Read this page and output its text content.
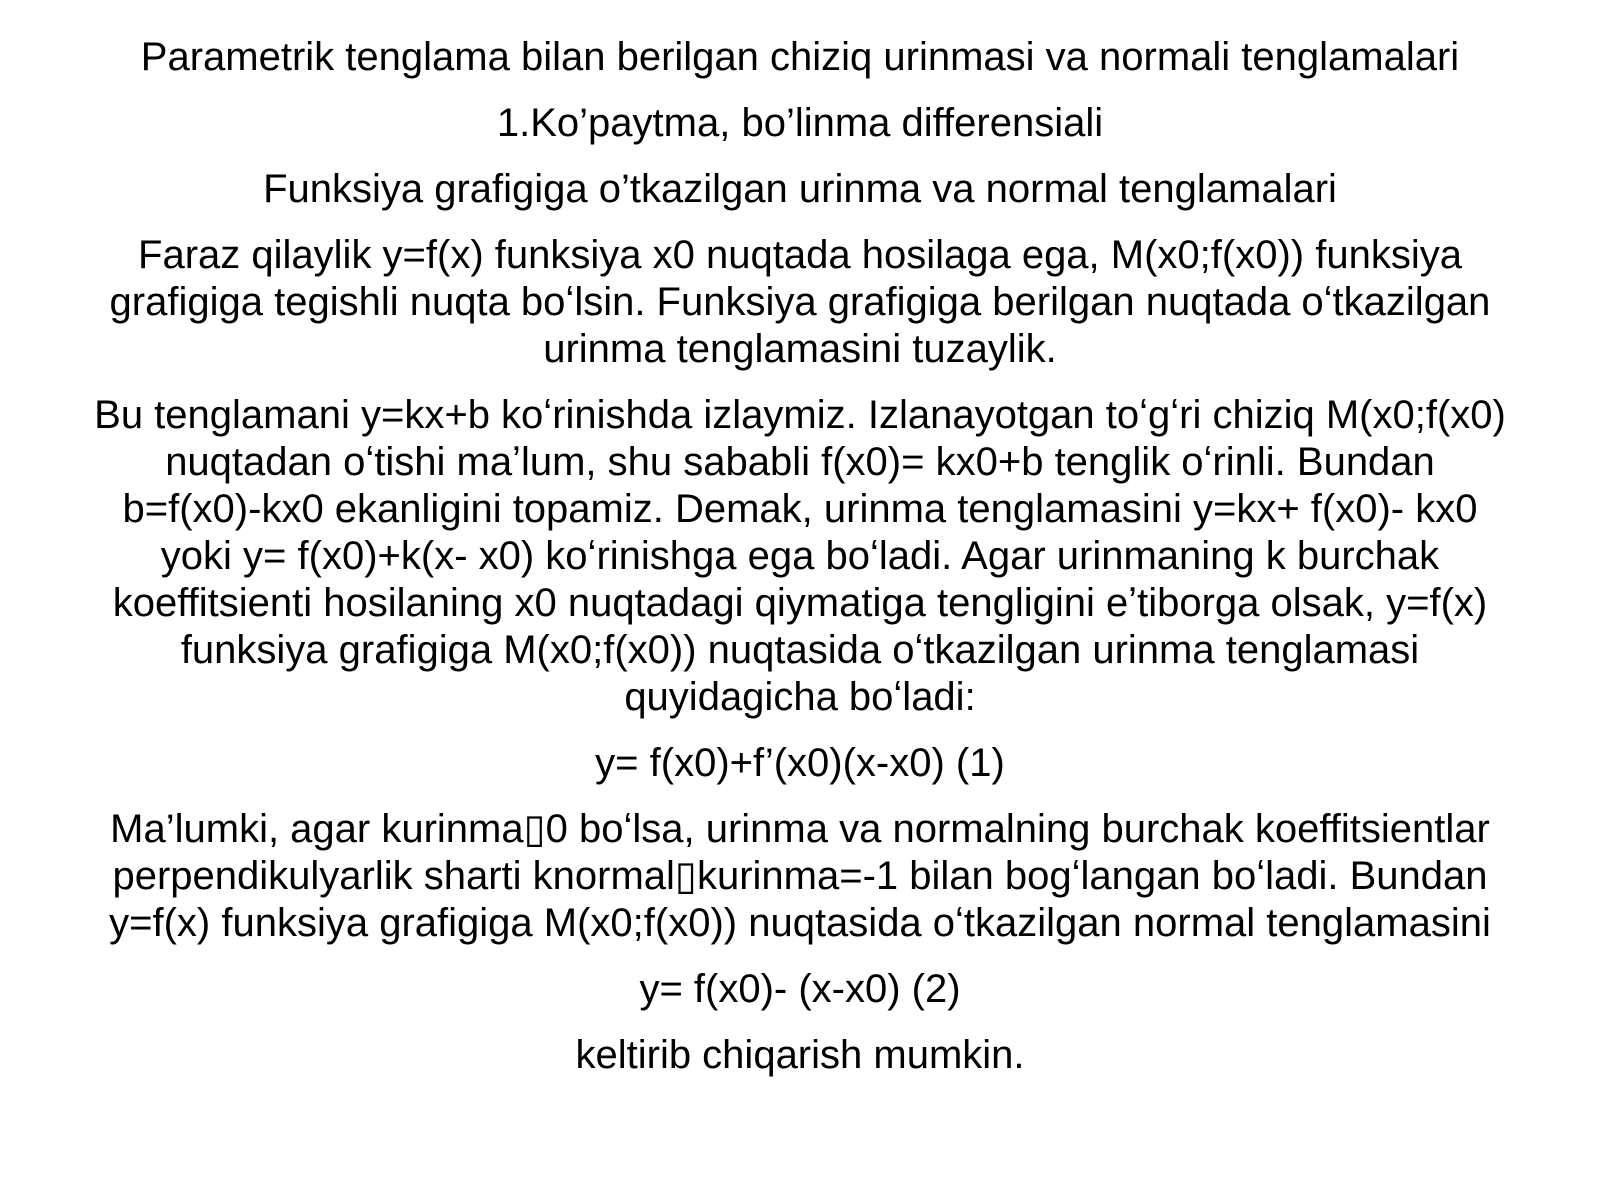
Parametrik tenglama bilan berilgan chiziq urinmasi va normali tenglamalari

1.Ko’paytma, bo’linma differensiali

Funksiya grafigiga o’tkazilgan urinma va normal tenglamalari

Faraz qilaylik y=f(x) funksiya x0 nuqtada hosilaga ega, M(x0;f(x0)) funksiya
grafigiga tegishli nuqta boʻlsin. Funksiya grafigiga berilgan nuqtada oʻtkazilgan
urinma tenglamasini tuzaylik.

Bu tenglamani y=kx+b koʻrinishda izlaymiz. Izlanayotgan toʻgʻri chiziq M(x0;f(x0)
nuqtadan oʻtishi maʼlum, shu sababli f(x0)= kx0+b tenglik oʻrinli. Bundan
b=f(x0)-kx0 ekanligini topamiz. Demak, urinma tenglamasini y=kx+ f(x0)- kx0
yoki y= f(x0)+k(x- x0) koʻrinishga ega boʻladi. Agar urinmaning k burchak
koeffitsienti hosilaning x0 nuqtadagi qiymatiga tengligini eʼtiborga olsak, y=f(x)
funksiya grafigiga M(x0;f(x0)) nuqtasida oʻtkazilgan urinma tenglamasi
quyidagicha boʻladi:

y= f(x0)+f’(x0)(x-x0) (1)

Ma’lumki, agar kurinma▯0 boʻlsa, urinma va normalning burchak koeffitsientlar
perpendikulyarlik sharti knormal▯kurinma=-1 bilan bogʻlangan boʻladi. Bundan
y=f(x) funksiya grafigiga M(x0;f(x0)) nuqtasida oʻtkazilgan normal tenglamasini

y= f(x0)- (x-x0) (2)

keltirib chiqarish mumkin.
